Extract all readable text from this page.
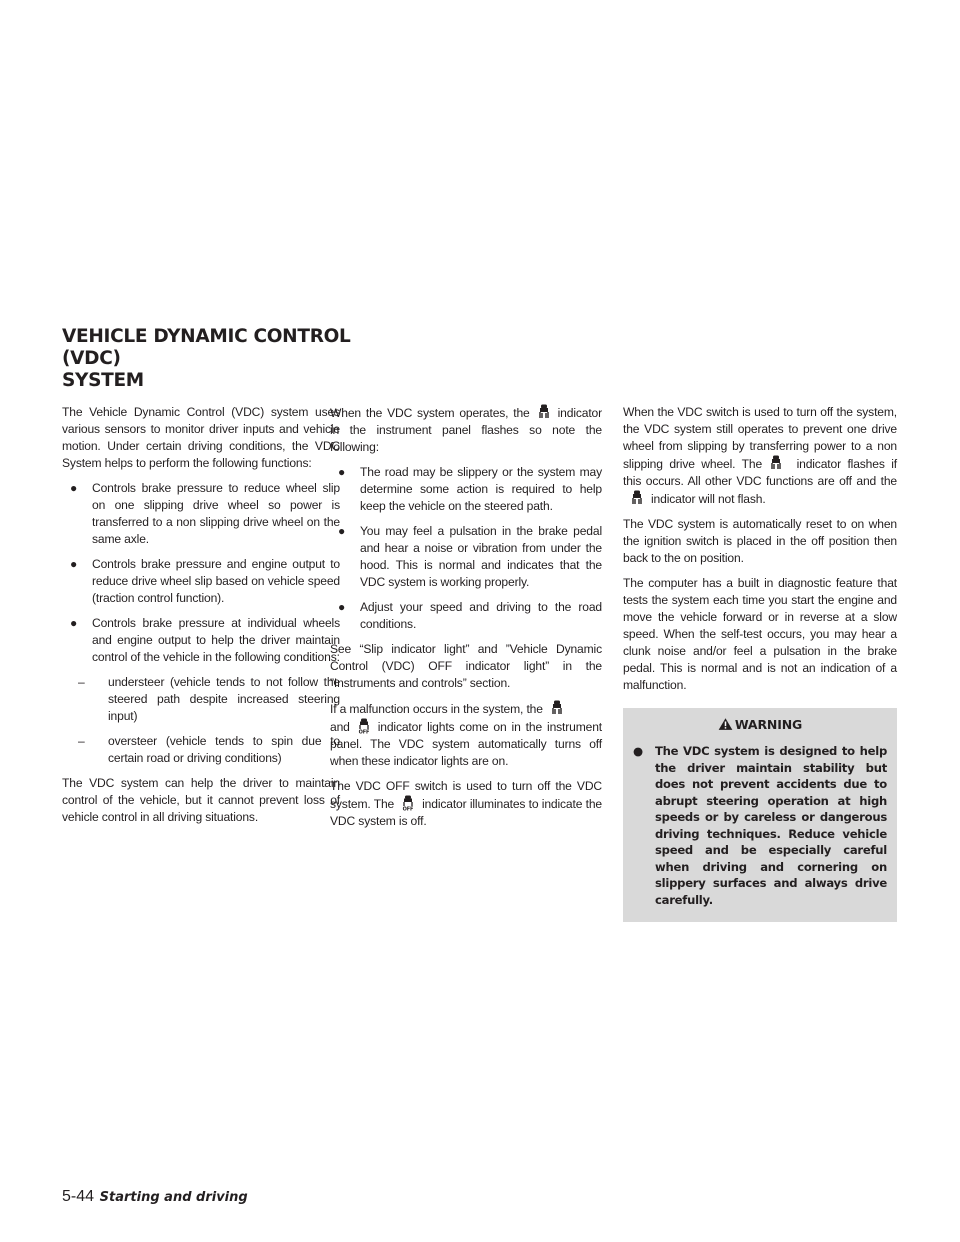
VEHICLE DYNAMIC CONTROL (VDC)
SYSTEM

The Vehicle Dynamic Control (VDC) system uses various sensors to monitor driver inputs and vehicle motion. Under certain driving conditions, the VDC System helps to perform the following functions:

● Controls brake pressure to reduce wheel slip on one slipping drive wheel so power is transferred to a non slipping drive wheel on the same axle.
● Controls brake pressure and engine output to reduce drive wheel slip based on vehicle speed (traction control function).
● Controls brake pressure at individual wheels and engine output to help the driver maintain control of the vehicle in the following conditions:
– understeer (vehicle tends to not follow the steered path despite increased steering input)
– oversteer (vehicle tends to spin due to certain road or driving conditions)

The VDC system can help the driver to maintain control of the vehicle, but it cannot prevent loss of vehicle control in all driving situations.

When the VDC system operates, the indicator in the instrument panel flashes so note the following:

● The road may be slippery or the system may determine some action is required to help keep the vehicle on the steered path.
● You may feel a pulsation in the brake pedal and hear a noise or vibration from under the hood. This is normal and indicates that the VDC system is working properly.
● Adjust your speed and driving to the road conditions.

See “Slip indicator light” and ”Vehicle Dynamic Control (VDC) OFF indicator light” in the ”Instruments and controls” section.

If a malfunction occurs in the system, the

and OFF indicator lights come on in the instrument panel. The VDC system automatically turns off when these indicator lights are on.

The VDC OFF switch is used to turn off the VDC system. The OFF indicator illuminates to indicate the VDC system is off.

When the VDC switch is used to turn off the system, the VDC system still operates to prevent one drive wheel from slipping by transferring power to a non slipping drive wheel. The	indicator flashes if this occurs. All other VDC functions are off and the
indicator will not flash.

The VDC system is automatically reset to on when the ignition switch is placed in the off position then back to the on position.

The computer has a built in diagnostic feature that tests the system each time you start the engine and move the vehicle forward or in reverse at a slow speed. When the self-test occurs, you may hear a clunk noise and/or feel a pulsation in the brake pedal. This is normal and is not an indication of a malfunction.

WARNING
● The VDC system is designed to help the driver maintain stability but does not prevent accidents due to abrupt steering operation at high speeds or by careless or dangerous driving techniques. Reduce vehicle speed and be especially careful when driving and cornering on slippery surfaces and always drive carefully.
5-44 Starting and driving
